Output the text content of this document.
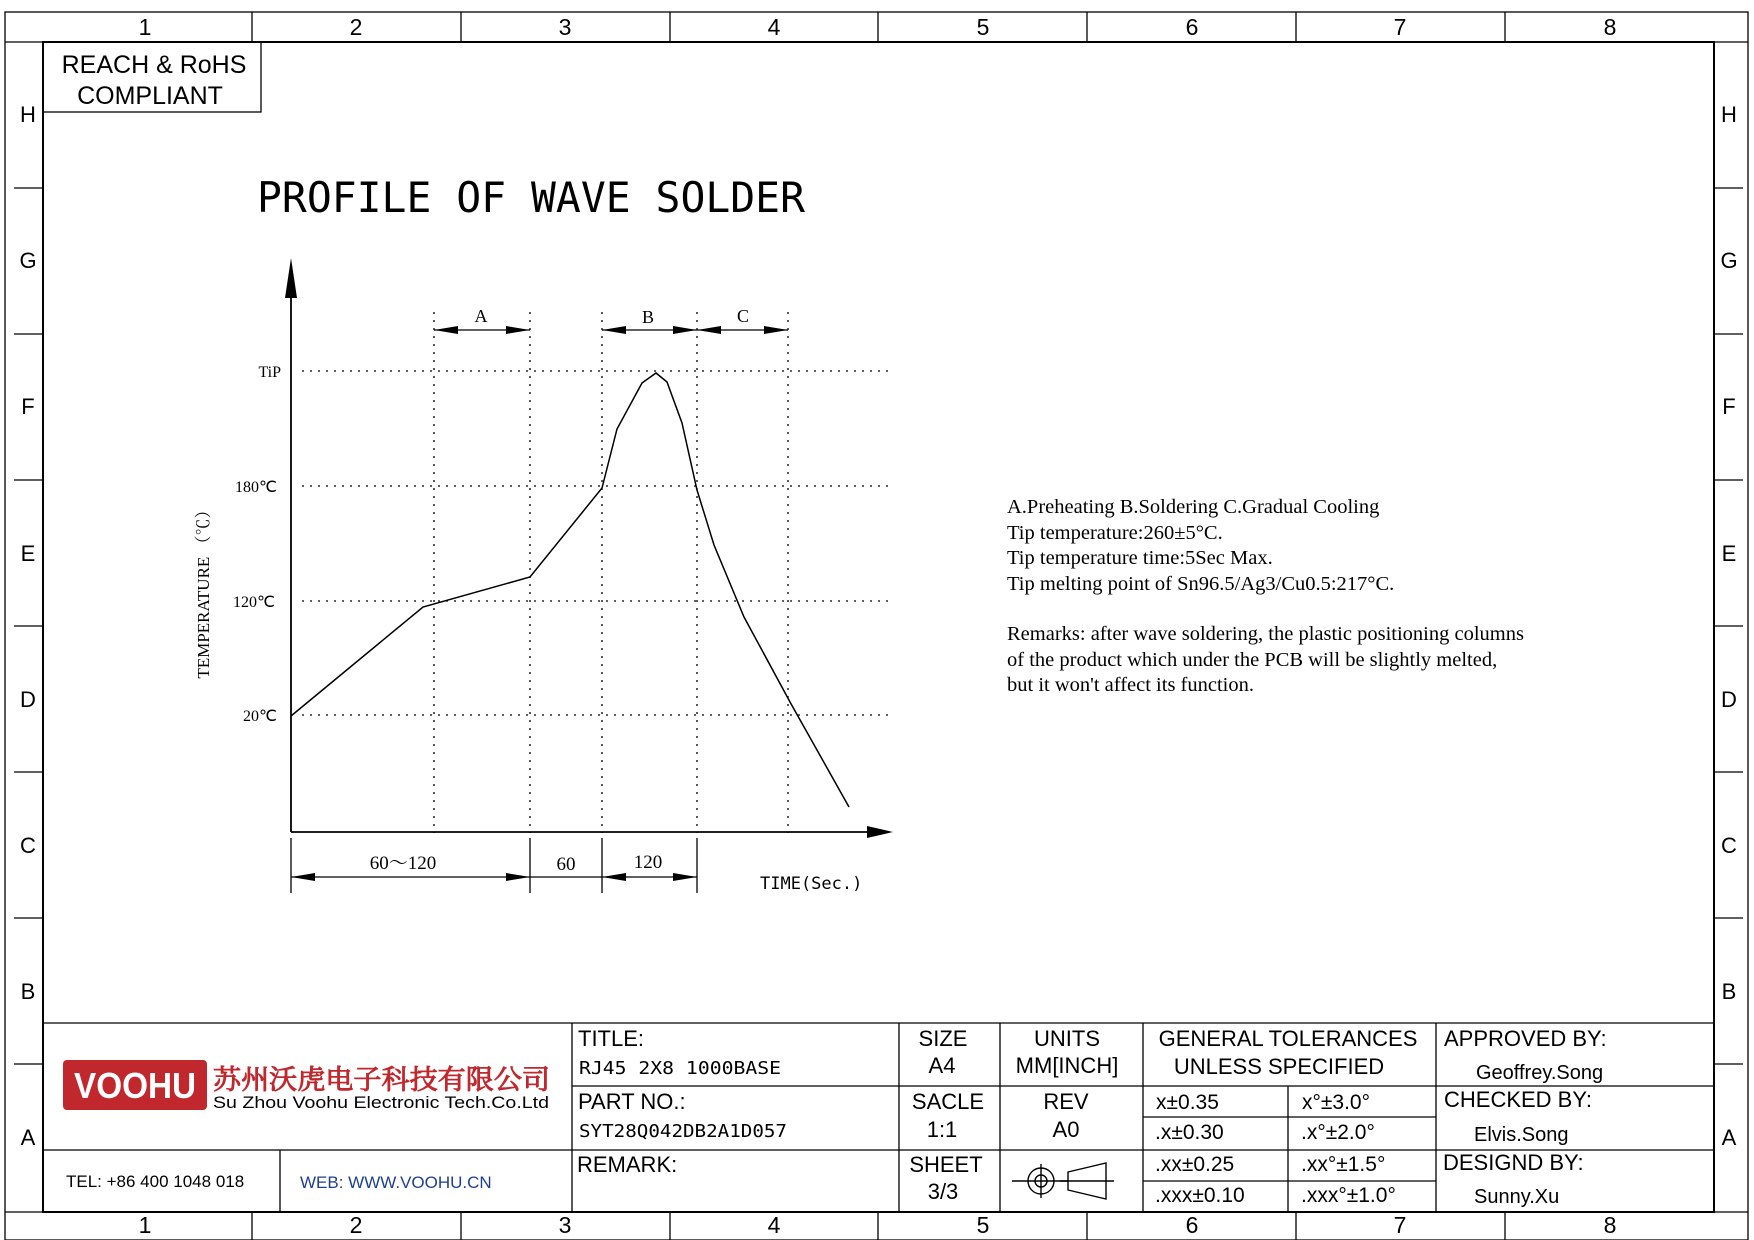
1	2	3	4	5	6	7	8
1	2	3	4	5	6	7	8
H
G
F
E
D
C
B
A
H
G
F
E
D
C
B
A
REACH & RoHS
COMPLIANT
PROFILE OF WAVE SOLDER
TiP
180℃
120℃
20℃
TEMPERATURE （℃）
A	B	C
60～120	60	120
TIME(Sec.)
VOOHU 苏州沃虎电子科技有限公司
Su Zhou Voohu Electronic Tech.Co.Ltd
TEL: +86 400 1048 018	WEB: WWW.VOOHU.CN
TITLE:
RJ45 2X8 1000BASE
PART NO.:
SYT28Q042DB2A1D057
REMARK:
SIZE
A4
SACLE
1:1
SHEET
3/3
UNITS
MM[INCH]
REV
A0
GENERAL TOLERANCES
UNLESS SPECIFIED
x±0.35	x°±3.0°
.x±0.30	.x°±2.0°
.xx±0.25	.xx°±1.5°
.xxx±0.10	.xxx°±1.0°
APPROVED BY:
Geoffrey.Song
CHECKED BY:
Elvis.Song
DESIGND BY:
Sunny.Xu
A.Preheating B.Soldering C.Gradual Cooling
Tip temperature:260±5°C.
Tip temperature time:5Sec Max.
Tip melting point of Sn96.5/Ag3/Cu0.5:217°C.
Remarks: after wave soldering, the plastic positioning columns
of the product which under the PCB will be slightly melted,
but it won't affect its function.
